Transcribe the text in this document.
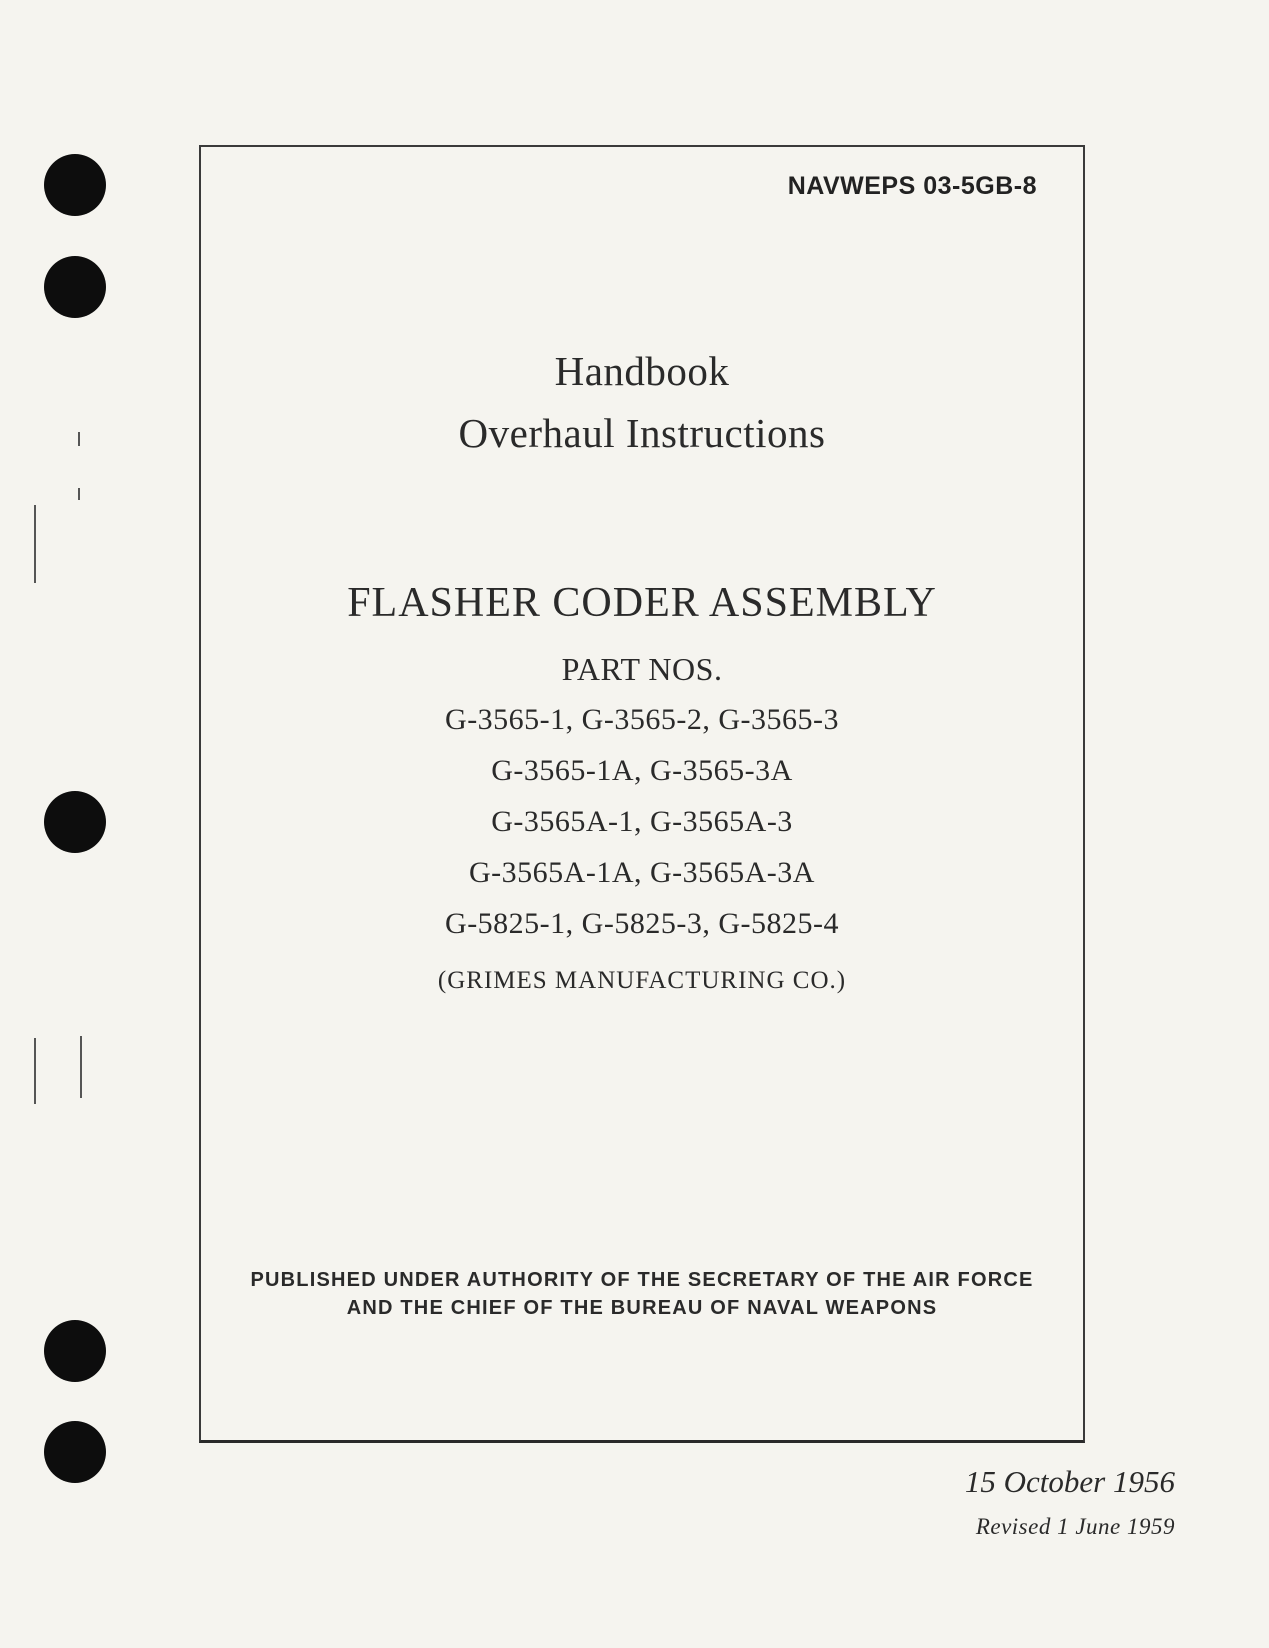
NAVWEPS 03-5GB-8
Handbook
Overhaul Instructions
FLASHER CODER ASSEMBLY
PART NOS.
G-3565-1, G-3565-2, G-3565-3
G-3565-1A, G-3565-3A
G-3565A-1, G-3565A-3
G-3565A-1A, G-3565A-3A
G-5825-1, G-5825-3, G-5825-4
(GRIMES MANUFACTURING CO.)
PUBLISHED UNDER AUTHORITY OF THE SECRETARY OF THE AIR FORCE
AND THE CHIEF OF THE BUREAU OF NAVAL WEAPONS
15 October 1956
Revised 1 June 1959
